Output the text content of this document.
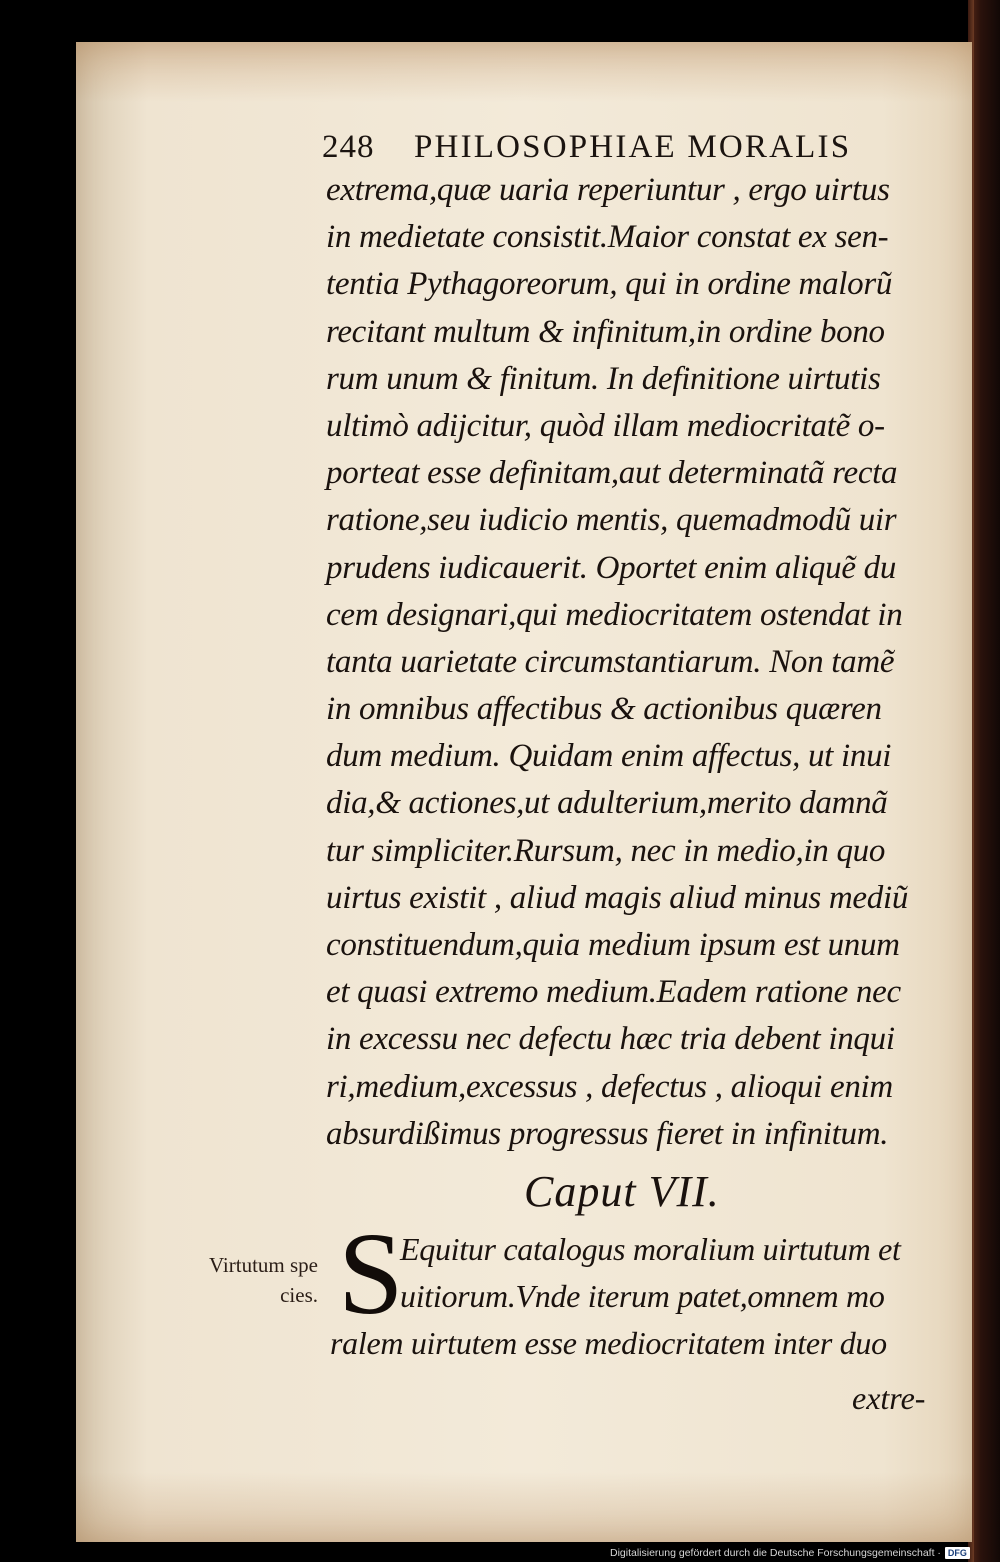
248	PHILOSOPHIAE MORALIS
extrema,quæ uaria reperiuntur , ergo uirtus
in medietate consistit.Maior constat ex sen-
tentia Pythagoreorum, qui in ordine malorũ
recitant multum & infinitum,in ordine bono
rum unum & finitum. In definitione uirtutis
ultimò adijcitur, quòd illam mediocritatẽ o-
porteat esse definitam,aut determinatã recta
ratione,seu iudicio mentis, quemadmodũ uir
prudens iudicauerit. Oportet enim aliquẽ du
cem designari,qui mediocritatem ostendat in
tanta uarietate circumstantiarum. Non tamẽ
in omnibus affectibus & actionibus quæren
dum medium. Quidam enim affectus, ut inui
dia,& actiones,ut adulterium,merito damnã
tur simpliciter.Rursum, nec in medio,in quo
uirtus existit , aliud magis aliud minus mediũ
constituendum,quia medium ipsum est unum
et quasi extremo medium.Eadem ratione nec
in excessu nec defectu hæc tria debent inqui
ri,medium,excessus , defectus , alioqui enim
absurdißimus progressus fieret in infinitum.
Caput VII.
S
Equitur catalogus moralium uirtutum et
uitiorum.Vnde iterum patet,omnem mo
ralem uirtutem esse mediocritatem inter duo
extre-
Virtutum spe
cies.
Digitalisierung gefördert durch die Deutsche Forschungsgemeinschaft · DFG
